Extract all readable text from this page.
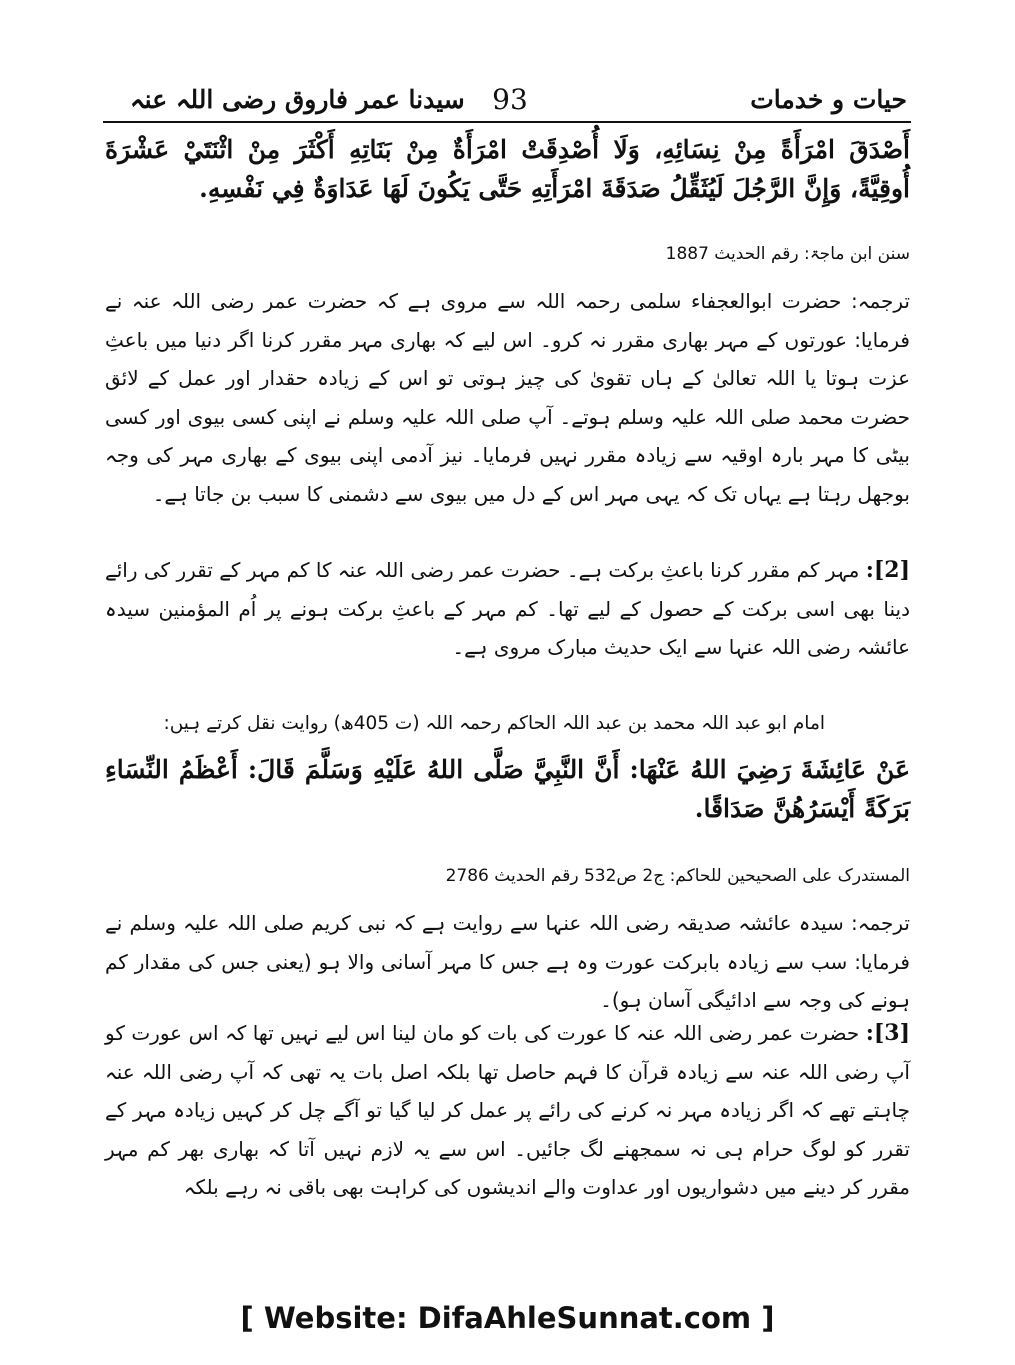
سیدنا عمر فاروق رضی اللہ عنہ 93	حیات و خدمات

أَصْدَقَ امْرَأَةً مِنْ نِسَائِهِ، وَلَا أُصْدِقَتْ امْرَأَةٌ مِنْ بَنَاتِهِ أَكْثَرَ مِنْ اثْنَتَيْ عَشْرَةَ أُوقِيَّةً، وَإِنَّ الرَّجُلَ لَيُثَقِّلُ صَدَقَةَ امْرَأَتِهِ حَتَّى يَكُونَ لَهَا عَدَاوَةٌ فِي نَفْسِهِ.

سنن ابن ماجۃ: رقم الحدیث 1887

ترجمہ: حضرت ابوالعجفاء سلمی رحمہ اللہ سے مروی ہے کہ حضرت عمر رضی اللہ عنہ نے فرمایا: عورتوں کے مہر بھاری مقرر نہ کرو۔ اس لیے کہ بھاری مہر مقرر کرنا اگر دنیا میں باعثِ عزت ہوتا یا اللہ تعالیٰ کے ہاں تقویٰ کی چیز ہوتی تو اس کے زیادہ حقدار اور عمل کے لائق حضرت محمد صلی اللہ علیہ وسلم ہوتے۔ آپ صلی اللہ علیہ وسلم نے اپنی کسی بیوی اور کسی بیٹی کا مہر بارہ اوقیہ سے زیادہ مقرر نہیں فرمایا۔ نیز آدمی اپنی بیوی کے بھاری مہر کی وجہ بوجھل رہتا ہے یہاں تک کہ یہی مہر اس کے دل میں بیوی سے دشمنی کا سبب بن جاتا ہے۔

[2]: مہر کم مقرر کرنا باعثِ برکت ہے۔ حضرت عمر رضی اللہ عنہ کا کم مہر کے تقرر کی رائے دینا بھی اسی برکت کے حصول کے لیے تھا۔ کم مہر کے باعثِ برکت ہونے پر اُم المؤمنین سیدہ عائشہ رضی اللہ عنہا سے ایک حدیث مبارک مروی ہے۔

امام ابو عبد اللہ محمد بن عبد اللہ الحاکم رحمہ اللہ (ت 405ھ) روایت نقل کرتے ہیں:

عَنْ عَائِشَةَ رَضِيَ اللهُ عَنْهَا: أَنَّ النَّبِيَّ صَلَّى اللهُ عَلَيْهِ وَسَلَّمَ قَالَ: أَعْظَمُ النِّسَاءِ بَرَكَةً أَيْسَرُهُنَّ صَدَاقًا.

المستدرک علی الصحیحین للحاکم: ج2 ص532 رقم الحدیث 2786

ترجمہ: سیدہ عائشہ صدیقہ رضی اللہ عنہا سے روایت ہے کہ نبی کریم صلی اللہ علیہ وسلم نے فرمایا: سب سے زیادہ بابرکت عورت وہ ہے جس کا مہر آسانی والا ہو (یعنی جس کی مقدار کم ہونے کی وجہ سے ادائیگی آسان ہو)۔

[3]: حضرت عمر رضی اللہ عنہ کا عورت کی بات کو مان لینا اس لیے نہیں تھا کہ اس عورت کو آپ رضی اللہ عنہ سے زیادہ قرآن کا فہم حاصل تھا بلکہ اصل بات یہ تھی کہ آپ رضی اللہ عنہ چاہتے تھے کہ اگر زیادہ مہر نہ کرنے کی رائے پر عمل کر لیا گیا تو آگے چل کر کہیں زیادہ مہر کے تقرر کو لوگ حرام ہی نہ سمجھنے لگ جائیں۔ اس سے یہ لازم نہیں آتا کہ بھاری بھر کم مہر مقرر کر دینے میں دشواریوں اور عداوت والے اندیشوں کی کراہت بھی باقی نہ رہے بلکہ
[ Website: DifaAhleSunnat.com ]
